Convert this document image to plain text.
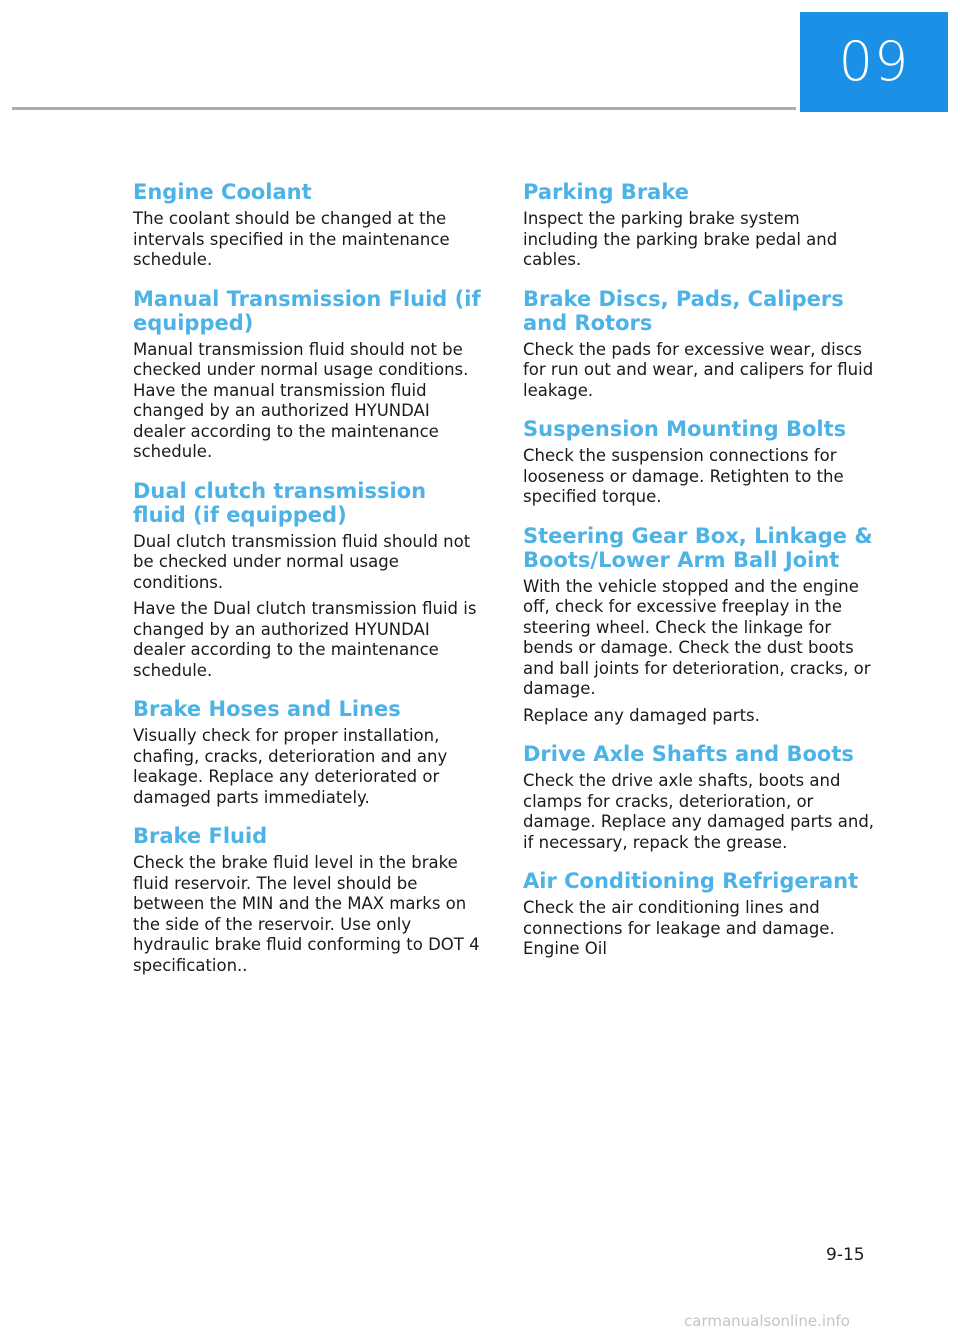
09
Engine Coolant

The coolant should be changed at the intervals specified in the maintenance schedule.

Manual Transmission Fluid (if equipped)

Manual transmission fluid should not be checked under normal usage conditions. Have the manual transmission fluid changed by an authorized HYUNDAI dealer according to the maintenance schedule.

Dual clutch transmission fluid (if equipped)

Dual clutch transmission fluid should not be checked under normal usage conditions.

Have the Dual clutch transmission fluid is changed by an authorized HYUNDAI dealer according to the maintenance schedule.

Brake Hoses and Lines

Visually check for proper installation, chafing, cracks, deterioration and any leakage. Replace any deteriorated or damaged parts immediately.

Brake Fluid

Check the brake fluid level in the brake fluid reservoir. The level should be between the MIN and the MAX marks on the side of the reservoir. Use only hydraulic brake fluid conforming to DOT 4 specification..

Parking Brake

Inspect the parking brake system including the parking brake pedal and cables.

Brake Discs, Pads, Calipers and Rotors

Check the pads for excessive wear, discs for run out and wear, and calipers for fluid leakage.

Suspension Mounting Bolts

Check the suspension connections for looseness or damage. Retighten to the specified torque.

Steering Gear Box, Linkage & Boots/Lower Arm Ball Joint

With the vehicle stopped and the engine off, check for excessive freeplay in the steering wheel. Check the linkage for bends or damage. Check the dust boots and ball joints for deterioration, cracks, or damage.

Replace any damaged parts.

Drive Axle Shafts and Boots

Check the drive axle shafts, boots and clamps for cracks, deterioration, or damage. Replace any damaged parts and, if necessary, repack the grease.

Air Conditioning Refrigerant

Check the air conditioning lines and connections for leakage and damage.

Engine Oil

9-15
carmanualsonline.info
